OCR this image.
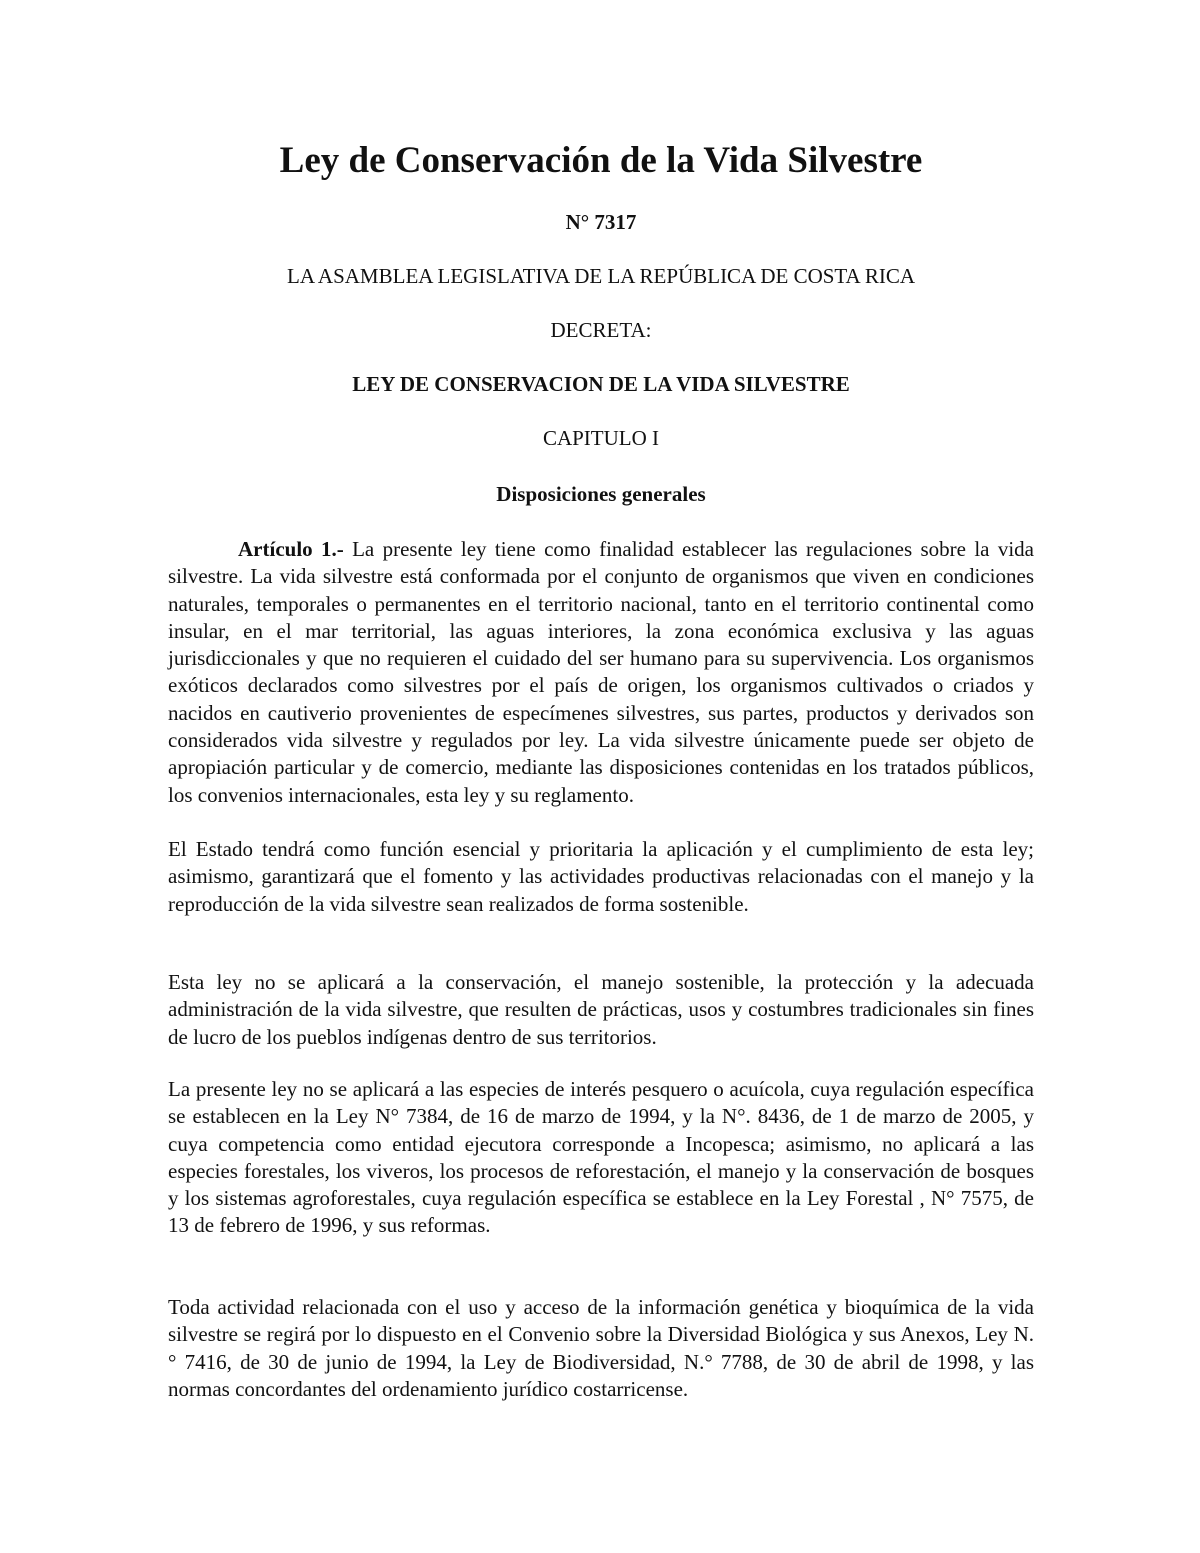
Ley de Conservación de la Vida Silvestre

N° 7317

LA ASAMBLEA LEGISLATIVA DE LA REPÚBLICA DE COSTA RICA

DECRETA:

LEY DE CONSERVACION DE LA VIDA SILVESTRE

CAPITULO I

Disposiciones generales

Artículo 1.- La presente ley tiene como finalidad establecer las regulaciones sobre la vida silvestre. La vida silvestre está conformada por el conjunto de organismos que viven en condiciones naturales, temporales o permanentes en el territorio nacional, tanto en el territorio continental como insular, en el mar territorial, las aguas interiores, la zona económica exclusiva y las aguas jurisdiccionales y que no requieren el cuidado del ser humano para su supervivencia. Los organismos exóticos declarados como silvestres por el país de origen, los organismos cultivados o criados y nacidos en cautiverio provenientes de especímenes silvestres, sus partes, productos y derivados son considerados vida silvestre y regulados por ley. La vida silvestre únicamente puede ser objeto de apropiación particular y de comercio, mediante las disposiciones contenidas en los tratados públicos, los convenios internacionales, esta ley y su reglamento.

El Estado tendrá como función esencial y prioritaria la aplicación y el cumplimiento de esta ley; asimismo, garantizará que el fomento y las actividades productivas relacionadas con el manejo y la reproducción de la vida silvestre sean realizados de forma sostenible.

Esta ley no se aplicará a la conservación, el manejo sostenible, la protección y la adecuada administración de la vida silvestre, que resulten de prácticas, usos y costumbres tradicionales sin fines de lucro de los pueblos indígenas dentro de sus territorios.

La presente ley no se aplicará a las especies de interés pesquero o acuícola, cuya regulación específica se establecen en la Ley N° 7384, de 16 de marzo de 1994, y la N°. 8436, de 1 de marzo de 2005, y cuya competencia como entidad ejecutora corresponde a Incopesca; asimismo, no aplicará a las especies forestales, los viveros, los procesos de reforestación, el manejo y la conservación de bosques y los sistemas agroforestales, cuya regulación específica se establece en la Ley Forestal , N° 7575, de 13 de febrero de 1996, y sus reformas.

Toda actividad relacionada con el uso y acceso de la información genética y bioquímica de la vida silvestre se regirá por lo dispuesto en el Convenio sobre la Diversidad Biológica y sus Anexos, Ley N.° 7416, de 30 de junio de 1994, la Ley de Biodiversidad, N.° 7788, de 30 de abril de 1998, y las normas concordantes del ordenamiento jurídico costarricense.
